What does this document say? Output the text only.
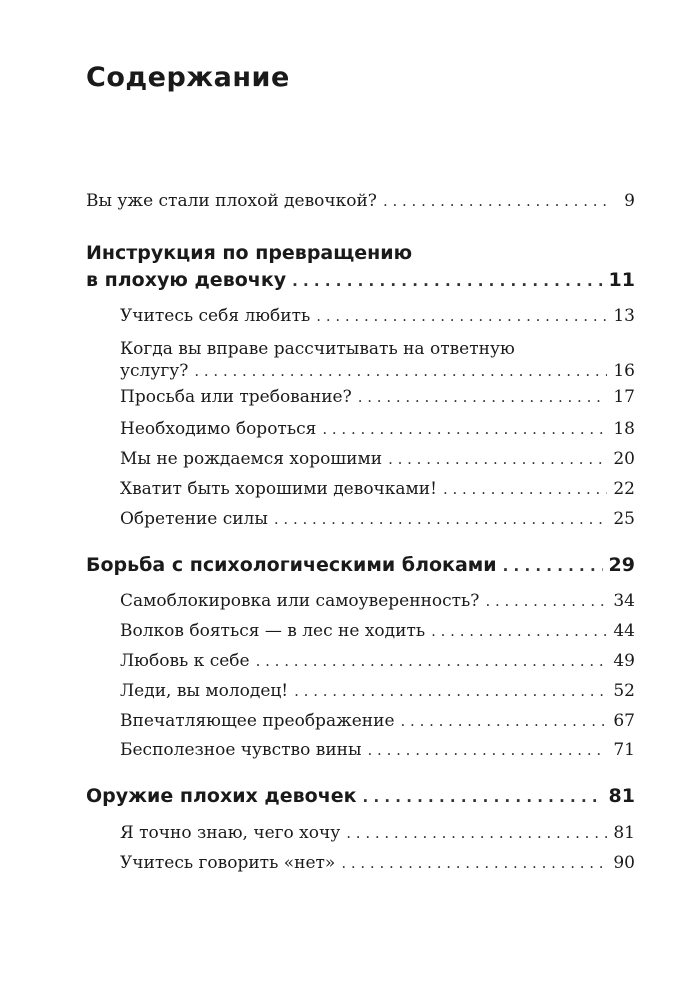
Содержание
Вы уже стали плохой девочкой? . . .	9
Инструкция по превращению
в плохую девочку . . .	11
Учитесь себя любить . . .	13
Когда вы вправе рассчитывать на ответную
услугу? . . .	16
Просьба или требование? . . .	17
Необходимо бороться . . .	18
Мы не рождаемся хорошими . . .	20
Хватит быть хорошими девочками! . . .	22
Обретение силы . . .	25
Борьба с психологическими блоками . . .	29
Самоблокировка или самоуверенность? . . .	34
Волков бояться — в лес не ходить . . .	44
Любовь к себе . . .	49
Леди, вы молодец! . . .	52
Впечатляющее преображение . . .	67
Бесполезное чувство вины . . .	71
Оружие плохих девочек . . .	81
Я точно знаю, чего хочу . . .	81
Учитесь говорить «нет» . . .	90
